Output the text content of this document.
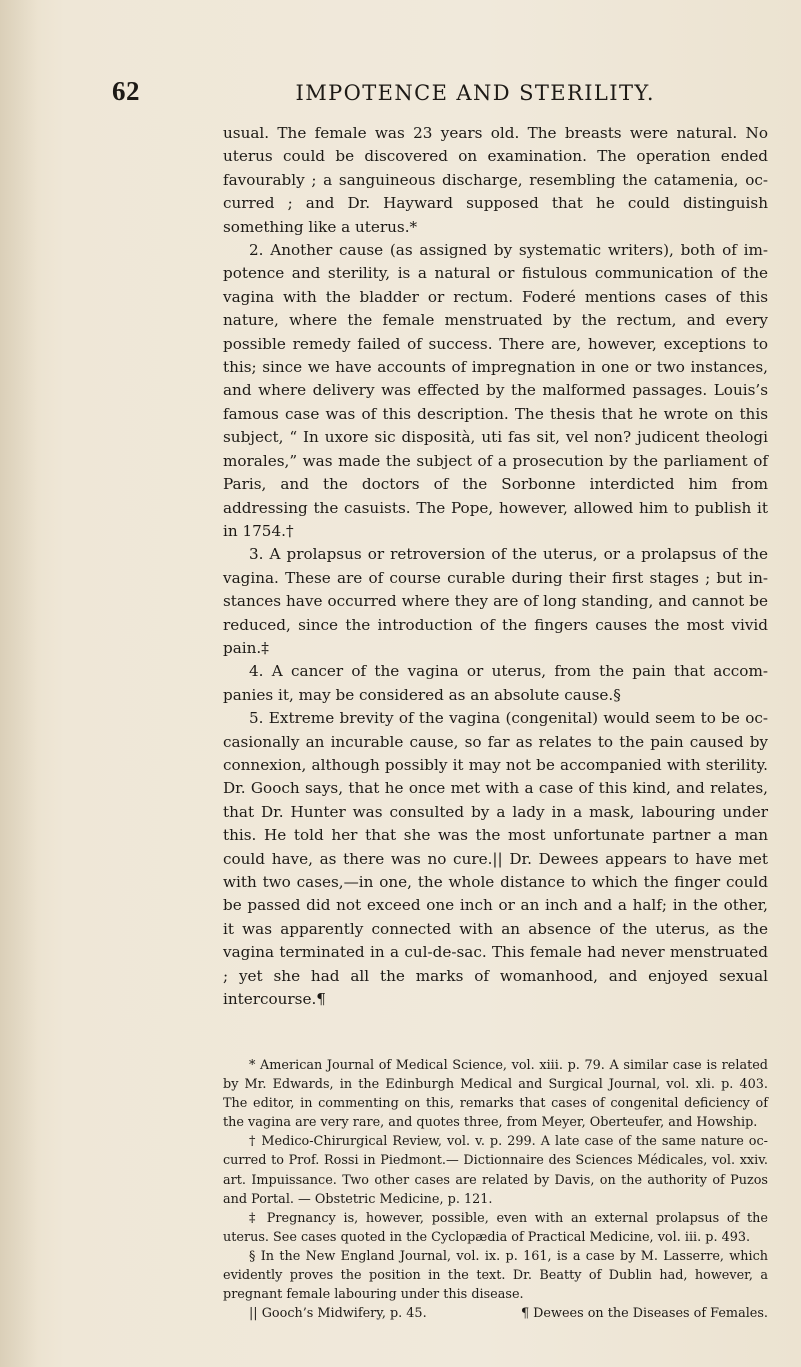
62	IMPOTENCE AND STERILITY.

usual. The female was 23 years old. The breasts were natural. No uterus could be discovered on examination. The operation ended favourably ; a sanguineous discharge, resembling the catamenia, occurred ; and Dr. Hayward supposed that he could distinguish something like a uterus.*

2. Another cause (as assigned by systematic writers), both of impotence and sterility, is a natural or fistulous communication of the vagina with the bladder or rectum. Foderé mentions cases of this nature, where the female menstruated by the rectum, and every possible remedy failed of success. There are, however, exceptions to this; since we have accounts of impregnation in one or two instances, and where delivery was effected by the malformed passages. Louis’s famous case was of this description. The thesis that he wrote on this subject, “ In uxore sic disposità, uti fas sit, vel non? judicent theologi morales,” was made the subject of a prosecution by the parliament of Paris, and the doctors of the Sorbonne interdicted him from addressing the casuists. The Pope, however, allowed him to publish it in 1754.†

3. A prolapsus or retroversion of the uterus, or a prolapsus of the vagina. These are of course curable during their first stages ; but instances have occurred where they are of long standing, and cannot be reduced, since the introduction of the fingers causes the most vivid pain.‡

4. A cancer of the vagina or uterus, from the pain that accompanies it, may be considered as an absolute cause.§

5. Extreme brevity of the vagina (congenital) would seem to be occasionally an incurable cause, so far as relates to the pain caused by connexion, although possibly it may not be accompanied with sterility. Dr. Gooch says, that he once met with a case of this kind, and relates, that Dr. Hunter was consulted by a lady in a mask, labouring under this. He told her that she was the most unfortunate partner a man could have, as there was no cure.|| Dr. Dewees appears to have met with two cases,—in one, the whole distance to which the finger could be passed did not exceed one inch or an inch and a half; in the other, it was apparently connected with an absence of the uterus, as the vagina terminated in a cul-de-sac. This female had never menstruated ; yet she had all the marks of womanhood, and enjoyed sexual intercourse.¶

* American Journal of Medical Science, vol. xiii. p. 79. A similar case is related by Mr. Edwards, in the Edinburgh Medical and Surgical Journal, vol. xli. p. 403. The editor, in commenting on this, remarks that cases of congenital deficiency of the vagina are very rare, and quotes three, from Meyer, Oberteufer, and Howship.

† Medico-Chirurgical Review, vol. v. p. 299. A late case of the same nature occurred to Prof. Rossi in Piedmont.— Dictionnaire des Sciences Médicales, vol. xxiv. art. Impuissance. Two other cases are related by Davis, on the authority of Puzos and Portal. — Obstetric Medicine, p. 121.

‡ Pregnancy is, however, possible, even with an external prolapsus of the uterus. See cases quoted in the Cyclopædia of Practical Medicine, vol. iii. p. 493.

§ In the New England Journal, vol. ix. p. 161, is a case by M. Lasserre, which evidently proves the position in the text. Dr. Beatty of Dublin had, however, a pregnant female labouring under this disease.

|| Gooch’s Midwifery, p. 45.	¶ Dewees on the Diseases of Females.
